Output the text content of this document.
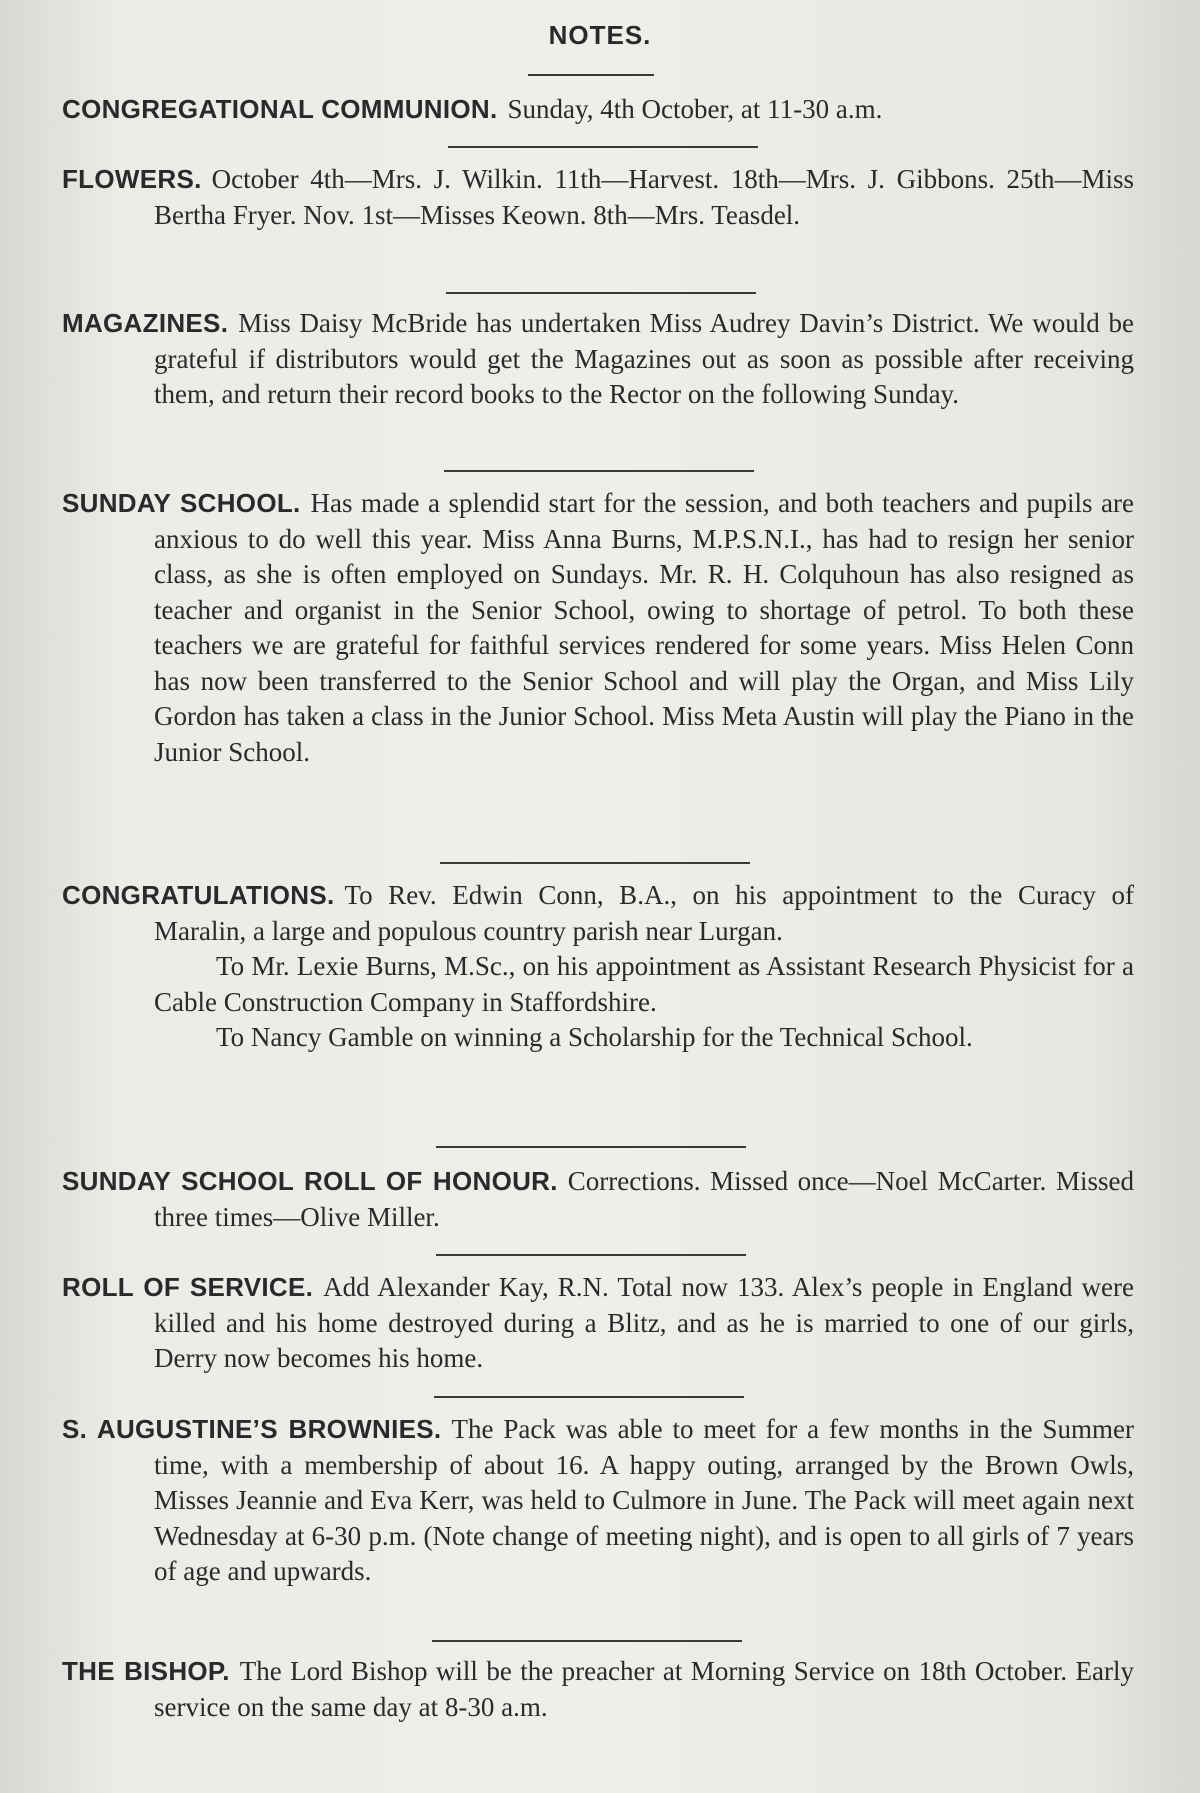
NOTES.

CONGREGATIONAL COMMUNION. Sunday, 4th October, at 11-30 a.m.

FLOWERS. October 4th—Mrs. J. Wilkin. 11th—Harvest. 18th—Mrs. J. Gibbons. 25th—Miss Bertha Fryer. Nov. 1st—Misses Keown. 8th—Mrs. Teasdel.

MAGAZINES. Miss Daisy McBride has undertaken Miss Audrey Davin’s District. We would be grateful if distributors would get the Magazines out as soon as possible after receiving them, and return their record books to the Rector on the following Sunday.

SUNDAY SCHOOL. Has made a splendid start for the session, and both teachers and pupils are anxious to do well this year. Miss Anna Burns, M.P.S.N.I., has had to resign her senior class, as she is often employed on Sundays. Mr. R. H. Colquhoun has also resigned as teacher and organist in the Senior School, owing to shortage of petrol. To both these teachers we are grateful for faithful services rendered for some years. Miss Helen Conn has now been transferred to the Senior School and will play the Organ, and Miss Lily Gordon has taken a class in the Junior School. Miss Meta Austin will play the Piano in the Junior School.

CONGRATULATIONS. To Rev. Edwin Conn, B.A., on his appointment to the Curacy of Maralin, a large and populous country parish near Lurgan.

To Mr. Lexie Burns, M.Sc., on his appointment as Assistant Research Physicist for a Cable Construction Company in Staffordshire.

To Nancy Gamble on winning a Scholarship for the Technical School.

SUNDAY SCHOOL ROLL OF HONOUR. Corrections. Missed once—Noel McCarter. Missed three times—Olive Miller.

ROLL OF SERVICE. Add Alexander Kay, R.N. Total now 133. Alex’s people in England were killed and his home destroyed during a Blitz, and as he is married to one of our girls, Derry now becomes his home.

S. AUGUSTINE’S BROWNIES. The Pack was able to meet for a few months in the Summer time, with a membership of about 16. A happy outing, arranged by the Brown Owls, Misses Jeannie and Eva Kerr, was held to Culmore in June. The Pack will meet again next Wednesday at 6-30 p.m. (Note change of meeting night), and is open to all girls of 7 years of age and upwards.

THE BISHOP. The Lord Bishop will be the preacher at Morning Service on 18th October. Early service on the same day at 8-30 a.m.
